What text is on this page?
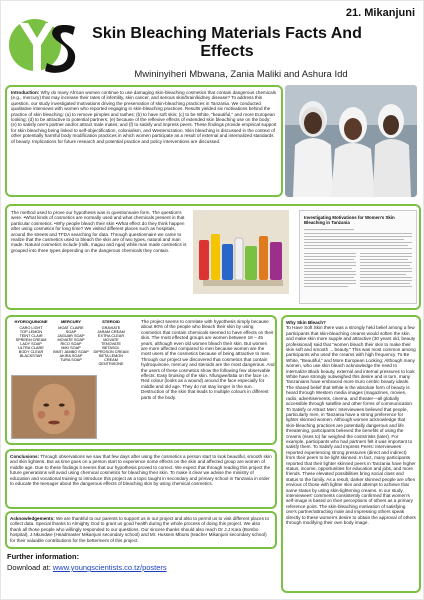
21. Mikanjuni
Skin Bleaching Materials Facts And Effects
Mwininyiheri Mbwana, Zania Maliki and Ashura Idd
Introduction: Why do many African women continue to use damaging skin-bleaching cosmetics that contain dangerous chemicals (e.g., mercury) that may increase their rates of infertility, skin cancer, and serious skin/brain/kidney disease? To address this question, our study investigated motivations driving the preservation of skin-bleaching practices in Tanzania. We conducted qualitative interviews with women who reported engaging in skin-bleaching practices. Results yielded six motivations behind the practice of skin bleaching: (a) to remove pimples and rashes; (b) to have soft skin; (c) to be White, "beautiful," and more European looking; (d) to be attractive to potential partners; (e) because of the reflexive effects of extended skin bleaching use on the body; (e) to satisfy one's partner and/or attract male mates; and (f) to satisfy and impress peers. These findings provide empirical support for skin bleaching being linked to self-objectification, colonialism, and Westernization. Skin bleaching is discussed in the context of other potentially harmful body modification practices in which women participate as a result of external and internalized standards of beauty. Implications for future research and potential practice and policy interventions are discussed.
The method used to prove our hypothesis was in questionnaire form. The question's were. •What kinds of cosmetics are normally used and what chemicals present in that particular cosmetics. •Why people bleach their skin •What effect do they think happen after using cosmetics for long time? We visited different places such as hospitals, around the streets and TFDA searching for data. Through questionnaire we came to realize that the cosmetics used to bleach the skin are of two types, natural and man made. Natural cosmetics include (milk, maguu and ngai) while man made cosmetics is grouped into three types depending on the dangerous chemicals they contain.
Investigating Motivations for Women's Skin Bleaching in Tanzania
HYDROQUINONE
CARO LIGHT
TOP LEMON
TEINT CLAIR
SPREEM CREAM
LADY SOAP
ULTRA CLARE
BODY CLEAR
BLACKSTAR
MERCURY
MOAT CLAIRE
SOAP
JAGUAR SOAP
MOVATE SOAP
RICO SOAP
MIKI SOAP
BINTI JAMBO SOAP
AKIRA SOAP
TURA SOAP
STEROID
GRAVIATE
JARAM CREAM
EXTRA CLEAR
MOVATE
TENOVATE
BETASOL
DIPROSON CREAM
BETA LEMON
CREAM
GENTRISONE
The project seems to correlate with hypothesis simply because about 90% of the people who bleach their skin by using cosmetics that contain chemicals seemed to have effects on their skin. The most effected groups are women between 18 – 45 years, although even old women bleach their skin. But women are more affected compared to men because women are the most users of the cosmetics because of being attractive to men. Through our project we discovered that cosmetics that contain hydroquinone, mercury and steroids are the most dangerous. And the users of these cosmetics show the following few observable effects. Easy bruising of the skin. Nfungwe/tatia on the face i.e. Red colour (looks as a wound) around the face especially for middle and old age. They do not stay longer in the sun. Destruction of the skin that leads to multiple colours in different parts of the body.
Why Skin Bleach?
To Have Soft Skin there was a strongly held belief among a few participants that skin-bleaching creams would soften the skin and make skin more supple and attractive (30 years old, beauty professional) said that "women bleach their skin to make their skin soft and smooth ... beauty." This was most common among participants who used the creams with high frequency. To Be White, "Beautiful," and More European Looking: Although many women, who use skin bleach acknowledge the need to internalize Black beauty, external and internal pressures to look White have strongly outweighed this desire and in turn, many Tanzanians have embraced more Euro centric beauty ideals. The shared belief that White is the absolute form of beauty is heard through Western media images (magazines, movies, radio, advertisements, cinema, and theater—all globally accessible through satellite and other forms of communication. To Satisfy or Attract Men: Interviewees believed that people, particularly men, in Tanzania have a strong preference for lighter skinned women. Although women acknowledge that skin-bleaching practices are potentially dangerous and life threatening, participants believed the benefits of using the creams (rises to) far weighed the costs/risks (later). For example, participants who had partners felt it was important to satisfy them. To Satisfy and Impress Peers: Interviewees reported experiencing strong pressures (direct and indirect) from their peers to be light skinned. In fact, many participants reported that their lighter skinned peers in Tanzania have higher status, income, opportunities for education and jobs, and more friends. These elevated possibilities bring social class and status to the family. As a result, darker skinned people are often envious of those with lighter skin and attempt to achieve that same status by using skin-lightening creams. In our study, interviewees' comments consistently confirmed that women's self-image is based on their perceptions of others as a primary reference point. The skin-bleaching motivation of satisfying one's partner/attracting male and impressing others speak directly to these women's desire to obtain the approval of others through modifying their own body image.
Conclusions: Through observations we saw that few days after using the cosmetics a person start to look beautiful, smooth skin and skin lightens. But as time goes on a person start to experience some effects on the skin and affected group are women of middle age. Due to these findings it seems that our hypothesis proved to correct. We expect that through reading this project the future generations will avoid using chemical cosmetics for bleaching their skin. To make it clear we advise the ministry of education and vocational training to introduce this project as a topic taught in secondary and primary school in Tanzania in order to educate the teenager about the dangerous effects of bleaching skin by using chemical cosmetics.
Acknowledgements: We are thankful to our parents to support us in our project and also to permit us to visit different places to collect data. Special thanks to Almighty God to grant us good health during the whole process of doing this project. We also thank all those people who willingly responded to our questions. Our sincere thanks should also reach Dr J.J Kara (Bombo hospital), J.Nkundwe (Headmaster Mikanjuni secondary school) and Mr. Hussein Mbumi (teacher Mikanjuni secondary school) for their valuable contributions for the betterment of this project.
Further information:
Download at: www.youngscientists.co.tz/posters
